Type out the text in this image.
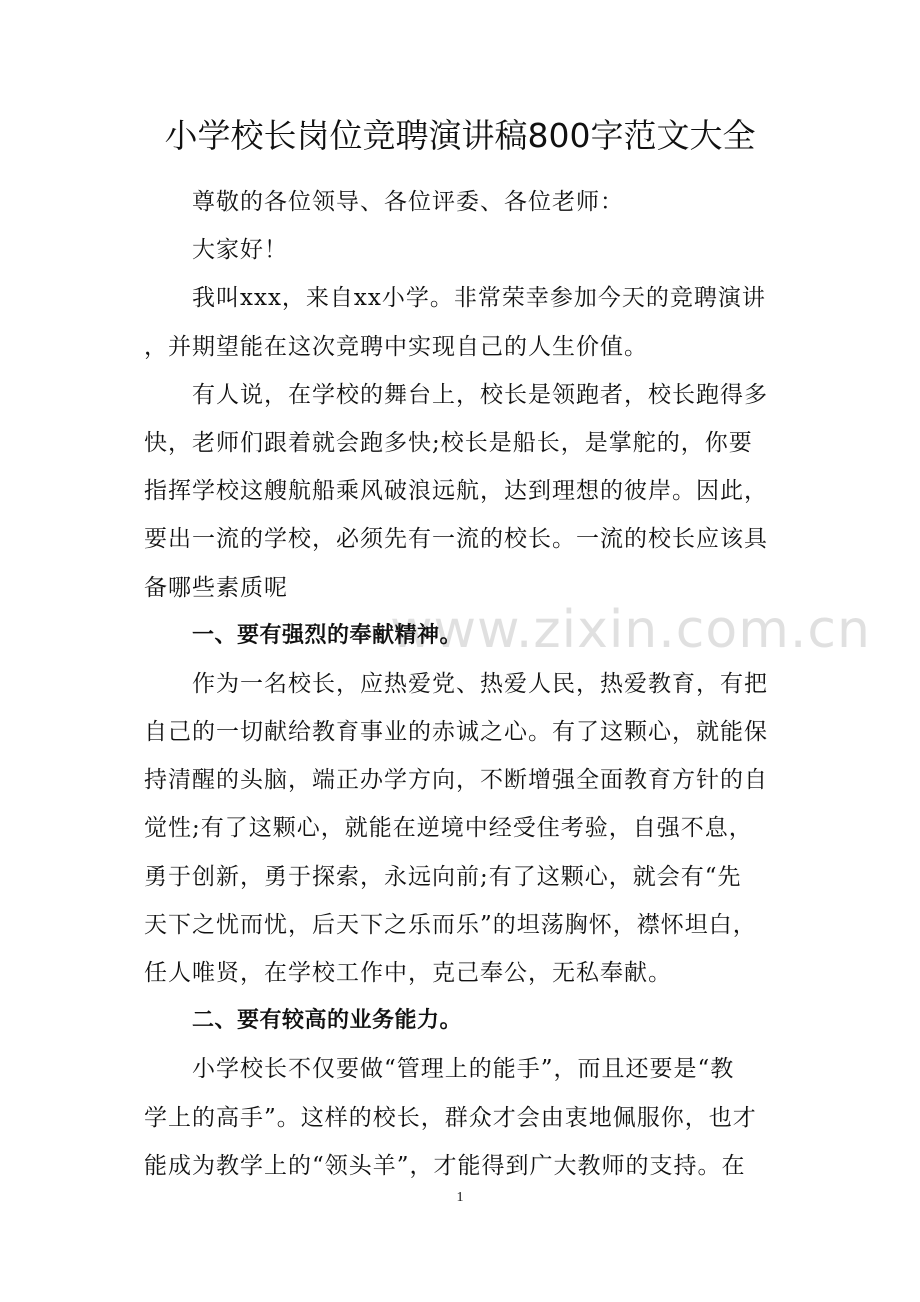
www.zixin.com.cn
小学校长岗位竞聘演讲稿800字范文大全
尊敬的各位领导、各位评委、各位老师：
大家好！
我叫xxx，来自xx小学。非常荣幸参加今天的竞聘演讲
，并期望能在这次竞聘中实现自己的人生价值。
有人说，在学校的舞台上，校长是领跑者，校长跑得多
快，老师们跟着就会跑多快;校长是船长，是掌舵的，你要
指挥学校这艘航船乘风破浪远航，达到理想的彼岸。因此，
要出一流的学校，必须先有一流的校长。一流的校长应该具
备哪些素质呢
一、要有强烈的奉献精神。
作为一名校长，应热爱党、热爱人民，热爱教育，有把
自己的一切献给教育事业的赤诚之心。有了这颗心，就能保
持清醒的头脑，端正办学方向，不断增强全面教育方针的自
觉性;有了这颗心，就能在逆境中经受住考验，自强不息，
勇于创新，勇于探索，永远向前;有了这颗心，就会有“先
天下之忧而忧，后天下之乐而乐”的坦荡胸怀，襟怀坦白，
任人唯贤，在学校工作中，克己奉公，无私奉献。
二、要有较高的业务能力。
小学校长不仅要做“管理上的能手”，而且还要是“教
学上的高手”。这样的校长，群众才会由衷地佩服你，也才
能成为教学上的“领头羊”，才能得到广大教师的支持。在
1
